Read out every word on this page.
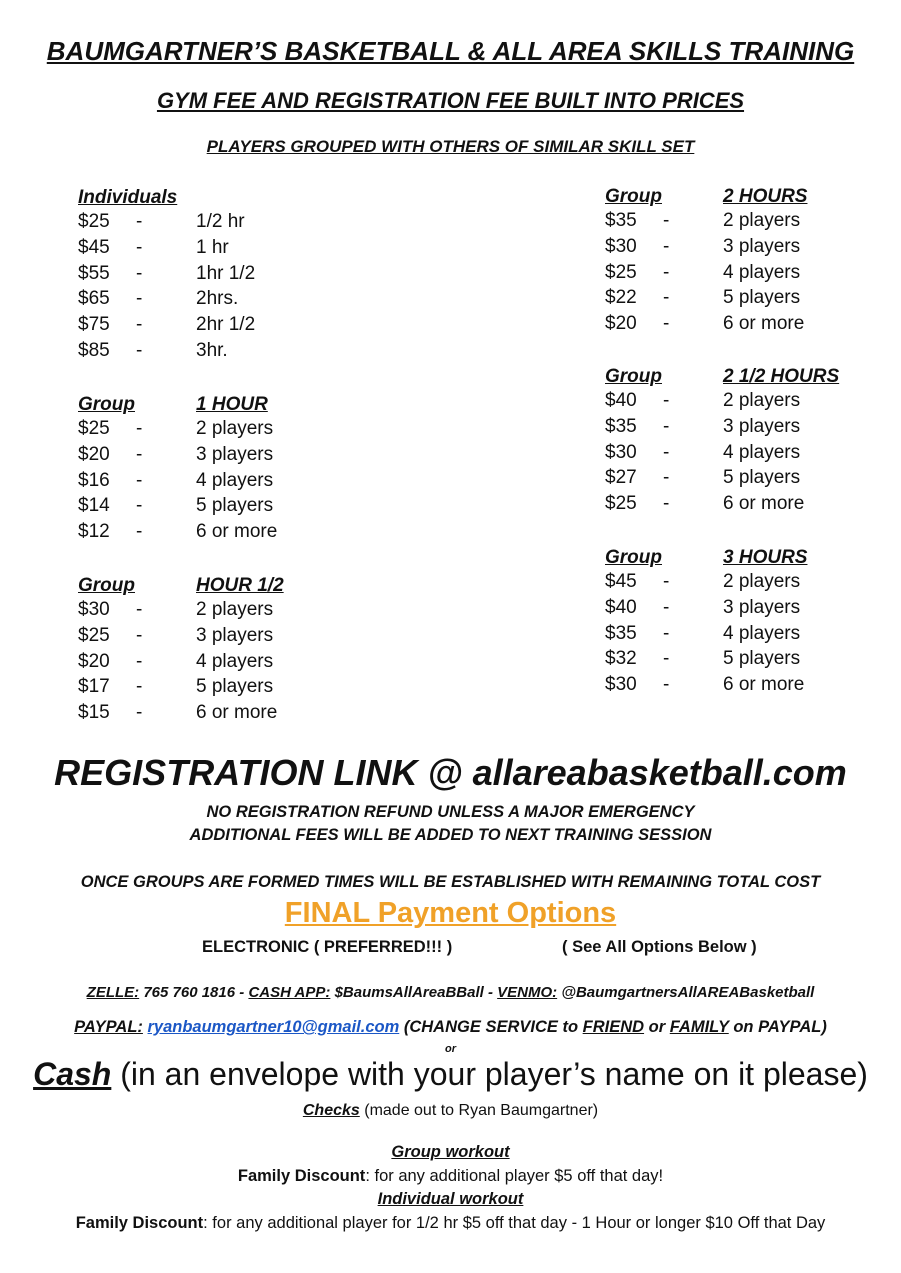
BAUMGARTNER’S BASKETBALL & ALL AREA SKILLS TRAINING
GYM FEE AND REGISTRATION FEE BUILT INTO PRICES
PLAYERS GROUPED WITH OTHERS OF SIMILAR SKILL SET
Individuals
$25 -	1/2 hr
$45 -	1 hr
$55 -	1hr 1/2
$65 -	2hrs.
$75 -	2hr 1/2
$85 -	3hr.
Group	1 HOUR
$25 -	2 players
$20 -	3 players
$16 -	4 players
$14 -	5 players
$12 -	6 or more
Group	HOUR 1/2
$30 -	2 players
$25 -	3 players
$20 -	4 players
$17 -	5 players
$15 -	6 or more
Group	2 HOURS
$35 -	2 players
$30 -	3 players
$25 -	4 players
$22 -	5 players
$20 -	6 or more
Group	2 1/2 HOURS
$40 -	2 players
$35 -	3 players
$30 -	4 players
$27 -	5 players
$25 -	6 or more
Group	3 HOURS
$45 -	2 players
$40 -	3 players
$35 -	4 players
$32 -	5 players
$30 -	6 or more
REGISTRATION LINK @ allareabasketball.com
NO REGISTRATION REFUND UNLESS A MAJOR EMERGENCY
ADDITIONAL FEES WILL BE ADDED TO NEXT TRAINING SESSION
ONCE GROUPS ARE FORMED TIMES WILL BE ESTABLISHED WITH REMAINING TOTAL COST
FINAL Payment Options
ELECTRONIC ( PREFERRED!!! )	( See All Options Below )
ZELLE: 765 760 1816 - CASH APP: $BaumsAllAreaBBall - VENMO: @BaumgartnersAllAREABasketball
PAYPAL: ryanbaumgartner10@gmail.com (CHANGE SERVICE to FRIEND or FAMILY on PAYPAL)
or
Cash (in an envelope with your player’s name on it please)
Checks (made out to Ryan Baumgartner)
Group workout
Family Discount: for any additional player $5 off that day!
Individual workout
Family Discount: for any additional player for 1/2 hr $5 off that day - 1 Hour or longer $10 Off that Day
